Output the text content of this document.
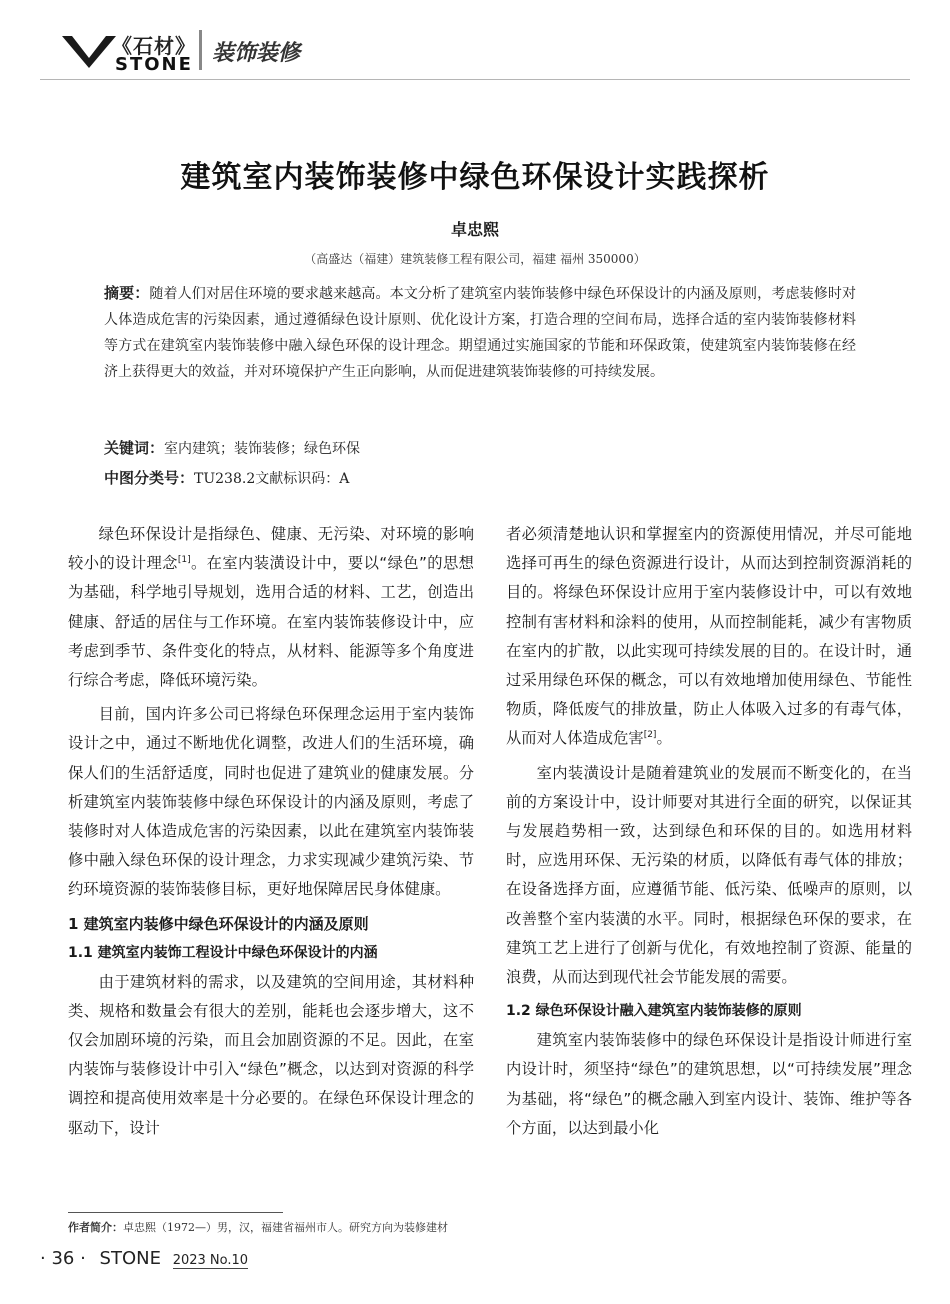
《石材》
STONE 装饰装修
建筑室内装饰装修中绿色环保设计实践探析
卓忠熙
（高盛达（福建）建筑装修工程有限公司，福建 福州 350000）
摘要：随着人们对居住环境的要求越来越高。本文分析了建筑室内装饰装修中绿色环保设计的内涵及原则，考虑装修时对人体造成危害的污染因素，通过遵循绿色设计原则、优化设计方案，打造合理的空间布局，选择合适的室内装饰装修材料等方式在建筑室内装饰装修中融入绿色环保的设计理念。期望通过实施国家的节能和环保政策，使建筑室内装饰装修在经济上获得更大的效益，并对环境保护产生正向影响，从而促进建筑装饰装修的可持续发展。
关键词：室内建筑；装饰装修；绿色环保
中图分类号：TU238.2文献标识码：A

绿色环保设计是指绿色、健康、无污染、对环境的影响较小的设计理念[1]。在室内装潢设计中，要以“绿色”的思想为基础，科学地引导规划，选用合适的材料、工艺，创造出健康、舒适的居住与工作环境。在室内装饰装修设计中，应考虑到季节、条件变化的特点，从材料、能源等多个角度进行综合考虑，降低环境污染。

目前，国内许多公司已将绿色环保理念运用于室内装饰设计之中，通过不断地优化调整，改进人们的生活环境，确保人们的生活舒适度，同时也促进了建筑业的健康发展。分析建筑室内装饰装修中绿色环保设计的内涵及原则，考虑了装修时对人体造成危害的污染因素，以此在建筑室内装饰装修中融入绿色环保的设计理念，力求实现减少建筑污染、节约环境资源的装饰装修目标，更好地保障居民身体健康。

1 建筑室内装修中绿色环保设计的内涵及原则
1.1 建筑室内装饰工程设计中绿色环保设计的内涵

由于建筑材料的需求，以及建筑的空间用途，其材料种类、规格和数量会有很大的差别，能耗也会逐步增大，这不仅会加剧环境的污染，而且会加剧资源的不足。因此，在室内装饰与装修设计中引入“绿色”概念，以达到对资源的科学调控和提高使用效率是十分必要的。在绿色环保设计理念的驱动下，设计

者必须清楚地认识和掌握室内的资源使用情况，并尽可能地选择可再生的绿色资源进行设计，从而达到控制资源消耗的目的。将绿色环保设计应用于室内装修设计中，可以有效地控制有害材料和涂料的使用，从而控制能耗，减少有害物质在室内的扩散，以此实现可持续发展的目的。在设计时，通过采用绿色环保的概念，可以有效地增加使用绿色、节能性物质，降低废气的排放量，防止人体吸入过多的有毒气体，从而对人体造成危害[2]。

室内装潢设计是随着建筑业的发展而不断变化的，在当前的方案设计中，设计师要对其进行全面的研究，以保证其与发展趋势相一致，达到绿色和环保的目的。如选用材料时，应选用环保、无污染的材质，以降低有毒气体的排放；在设备选择方面，应遵循节能、低污染、低噪声的原则，以改善整个室内装潢的水平。同时，根据绿色环保的要求，在建筑工艺上进行了创新与优化，有效地控制了资源、能量的浪费，从而达到现代社会节能发展的需要。

1.2 绿色环保设计融入建筑室内装饰装修的原则

建筑室内装饰装修中的绿色环保设计是指设计师进行室内设计时，须坚持“绿色”的建筑思想，以“可持续发展”理念为基础，将“绿色”的概念融入到室内设计、装饰、维护等各个方面，以达到最小化

作者简介：卓忠熙（1972—）男，汉，福建省福州市人。研究方向为装修建材
· 36 · STONE 2023 No.10
